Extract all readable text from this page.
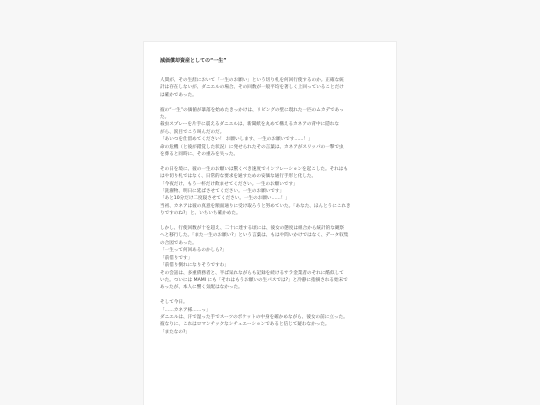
減価償却資産としての“一生”

人間が、その生涯において「一生のお願い」という切り札を何回行使するのか。正確な統
計は存在しないが、ダニエルの場合、その回数が一般平均を著しく上回っていることだけ
は確かであった。

彼の“一生”の価値が暴落を始めたきっかけは、リビングの壁に現れた一匹のムカデであっ
た。
殺虫スプレーを片手に震えるダニエルは、新聞紙を丸めて構えるカネアの背中に隠れな
がら、涙目でこう叫んだのだ。
「あいつを仕留めてください！ お願いします、一生のお願いです……！」
命の危機（と彼が錯覚した状況）に発せられたその言葉は、カネアがスリッパの一撃で虫
を葬ると同時に、その重みを失った。

その日を境に、彼の一生のお願いは驚くべき速度でインフレーションを起こした。それはも
はや切り札ではなく、日常的な要求を通すための安価な通行手形と化した。
「今夜だけ、もう一杯だけ飲ませてください。一生のお願いです」
「洗濯物、明日に延ばさせてください。一生のお願いです」
「あと10分だけ二度寝させてください。一生のお願い……！」
当初、カネアは彼の真意を額面通りに受け取ろうと努めていた。「あなた、ほんとうにこれき
りですのね?」と、いちいち確かめた。

しかし、行使回数が十を超え、二十に達する頃には、彼女の態度は組合から統計的な観察
へと移行した。「また一生のお願い?」という言葉は、もはや問いかけではなく、データ収集
の合図であった。
「一生って何回あるのかしら?」
「前借りです」
「前借り倒れになりそうですわ」
その会話は、多重債務者と、半ば呆れながらも記録を続けるサラ金業者のそれに酷似して
いた。ついには MAMI にも「それはもうお願いの生パスでは?」と冷静に指摘される始末で
あったが、本人に響く気配はなかった。

そして今日。
「……カネア様……っ」
ダニエルは、汗で湿った手でスーツのポケットの中身を確かめながら、彼女の前に立った。
彼なりに、これはロマンチックなシチュエーションであると信じて疑わなかった。
「またなの?」
